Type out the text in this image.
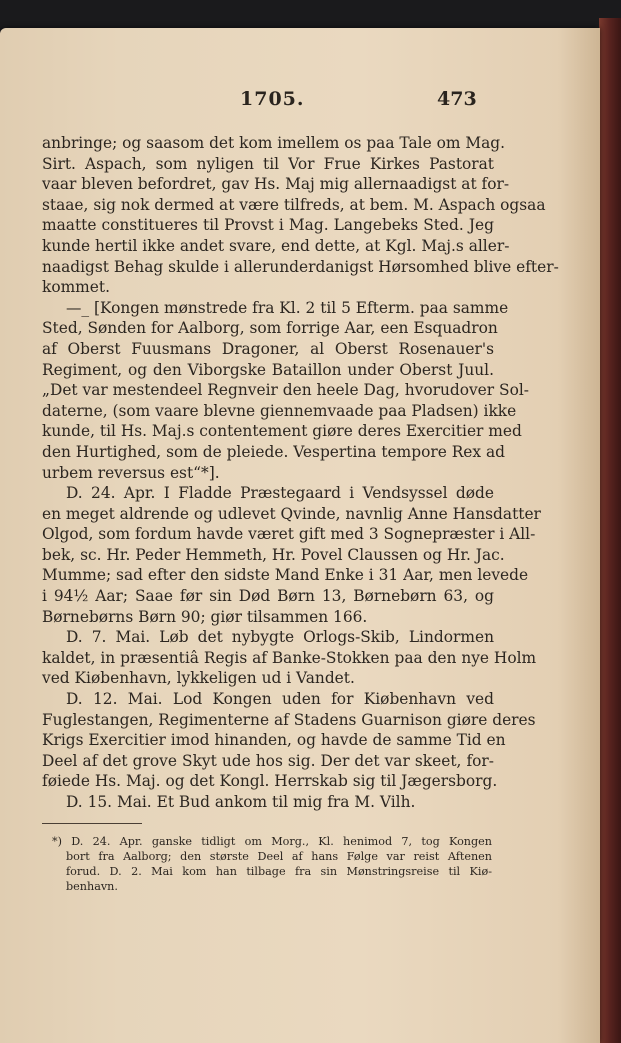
1705.	473
anbringe; og saasom det kom imellem os paa Tale om Mag.
Sirt. Aspach, som nyligen til Vor Frue Kirkes Pastorat
vaar bleven befordret, gav Hs. Maj mig allernaadigst at for-
staae, sig nok dermed at være tilfreds, at bem. M. Aspach ogsaa
maatte constitueres til Provst i Mag. Langebeks Sted. Jeg
kunde hertil ikke andet svare, end dette, at Kgl. Maj.s aller-
naadigst Behag skulde i allerunderdanigst Hørsomhed blive efter-
kommet.
—_ [Kongen mønstrede fra Kl. 2 til 5 Efterm. paa samme
Sted, Sønden for Aalborg, som forrige Aar, een Esquadron
af Oberst Fuusmans Dragoner, al Oberst Rosenauer's
Regiment, og den Viborgske Bataillon under Oberst Juul.
„Det var mestendeel Regnveir den heele Dag, hvorudover Sol-
daterne, (som vaare blevne giennemvaade paa Pladsen) ikke
kunde, til Hs. Maj.s contentement giøre deres Exercitier med
den Hurtighed, som de pleiede. Vespertina tempore Rex ad
urbem reversus est“*].
D. 24. Apr. I Fladde Præstegaard i Vendsyssel døde
en meget aldrende og udlevet Qvinde, navnlig Anne Hansdatter
Olgod, som fordum havde været gift med 3 Sognepræster i All-
bek, sc. Hr. Peder Hemmeth, Hr. Povel Claussen og Hr. Jac.
Mumme; sad efter den sidste Mand Enke i 31 Aar, men levede
i 94½ Aar; Saae før sin Død Børn 13, Børnebørn 63, og
Børnebørns Børn 90; giør tilsammen 166.
D. 7. Mai. Løb det nybygte Orlogs-Skib, Lindormen
kaldet, in præsentiâ Regis af Banke-Stokken paa den nye Holm
ved Kiøbenhavn, lykkeligen ud i Vandet.
D. 12. Mai. Lod Kongen uden for Kiøbenhavn ved
Fuglestangen, Regimenterne af Stadens Guarnison giøre deres
Krigs Exercitier imod hinanden, og havde de samme Tid en
Deel af det grove Skyt ude hos sig. Der det var skeet, for-
føiede Hs. Maj. og det Kongl. Herrskab sig til Jægersborg.
D. 15. Mai. Et Bud ankom til mig fra M. Vilh.
*) D. 24. Apr. ganske tidligt om Morg., Kl. henimod 7, tog Kongen
bort fra Aalborg; den største Deel af hans Følge var reist Aftenen
forud. D. 2. Mai kom han tilbage fra sin Mønstringsreise til Kiø-
benhavn.
